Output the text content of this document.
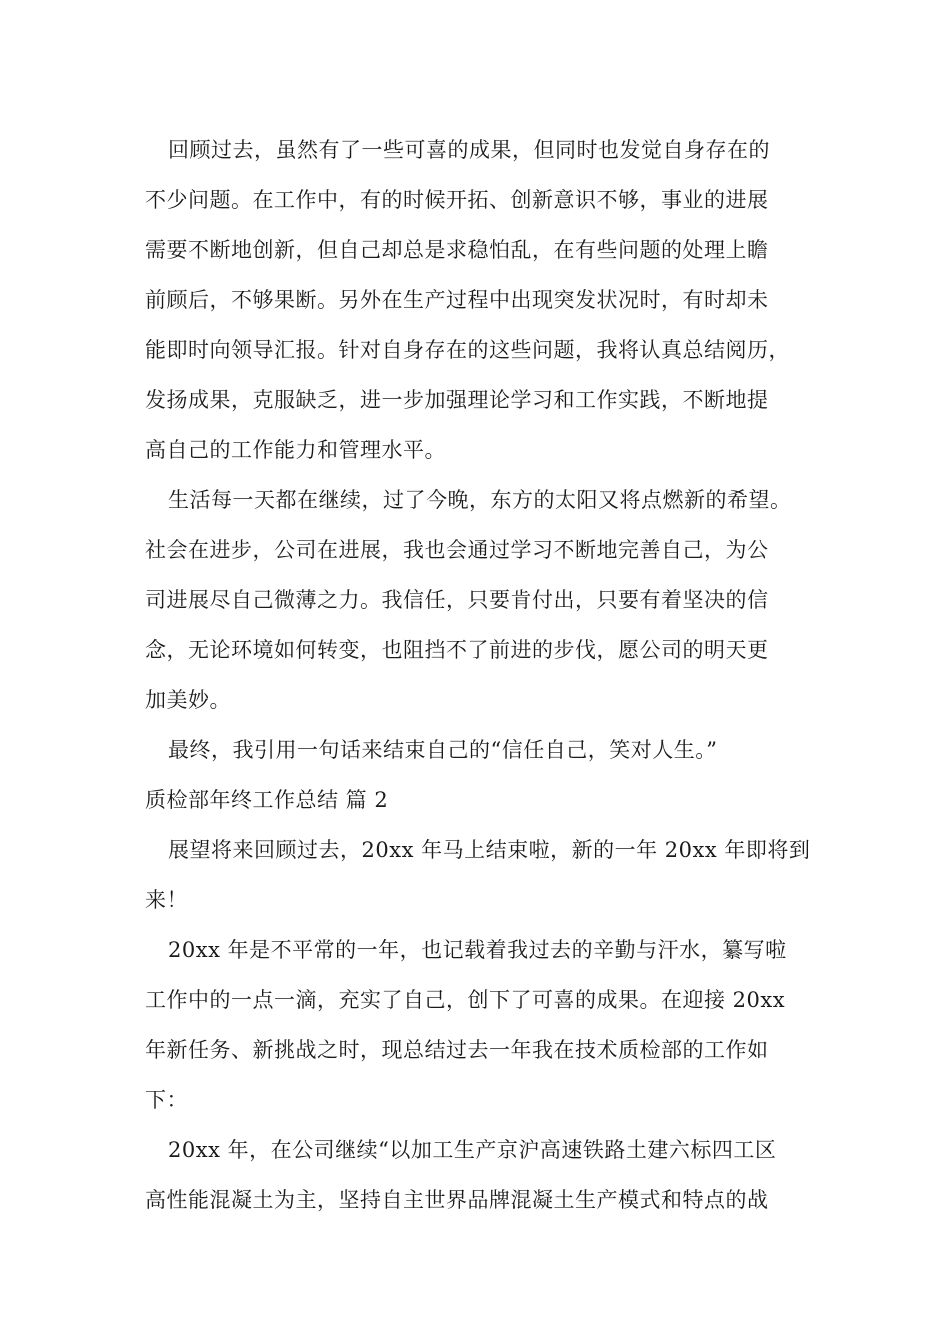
回顾过去，虽然有了一些可喜的成果，但同时也发觉自身存在的
不少问题。在工作中，有的时候开拓、创新意识不够，事业的进展
需要不断地创新，但自己却总是求稳怕乱，在有些问题的处理上瞻
前顾后，不够果断。另外在生产过程中出现突发状况时，有时却未
能即时向领导汇报。针对自身存在的这些问题，我将认真总结阅历，
发扬成果，克服缺乏，进一步加强理论学习和工作实践，不断地提
高自己的工作能力和管理水平。
生活每一天都在继续，过了今晚，东方的太阳又将点燃新的希望。
社会在进步，公司在进展，我也会通过学习不断地完善自己，为公
司进展尽自己微薄之力。我信任，只要肯付出，只要有着坚决的信
念，无论环境如何转变，也阻挡不了前进的步伐，愿公司的明天更
加美妙。
最终，我引用一句话来结束自己的“信任自己，笑对人生。”
质检部年终工作总结 篇 2
展望将来回顾过去，20xx 年马上结束啦，新的一年 20xx 年即将到
来！
20xx 年是不平常的一年，也记载着我过去的辛勤与汗水，纂写啦
工作中的一点一滴，充实了自己，创下了可喜的成果。在迎接 20xx
年新任务、新挑战之时，现总结过去一年我在技术质检部的工作如
下：
20xx 年，在公司继续“以加工生产京沪高速铁路土建六标四工区
高性能混凝土为主，坚持自主世界品牌混凝土生产模式和特点的战
